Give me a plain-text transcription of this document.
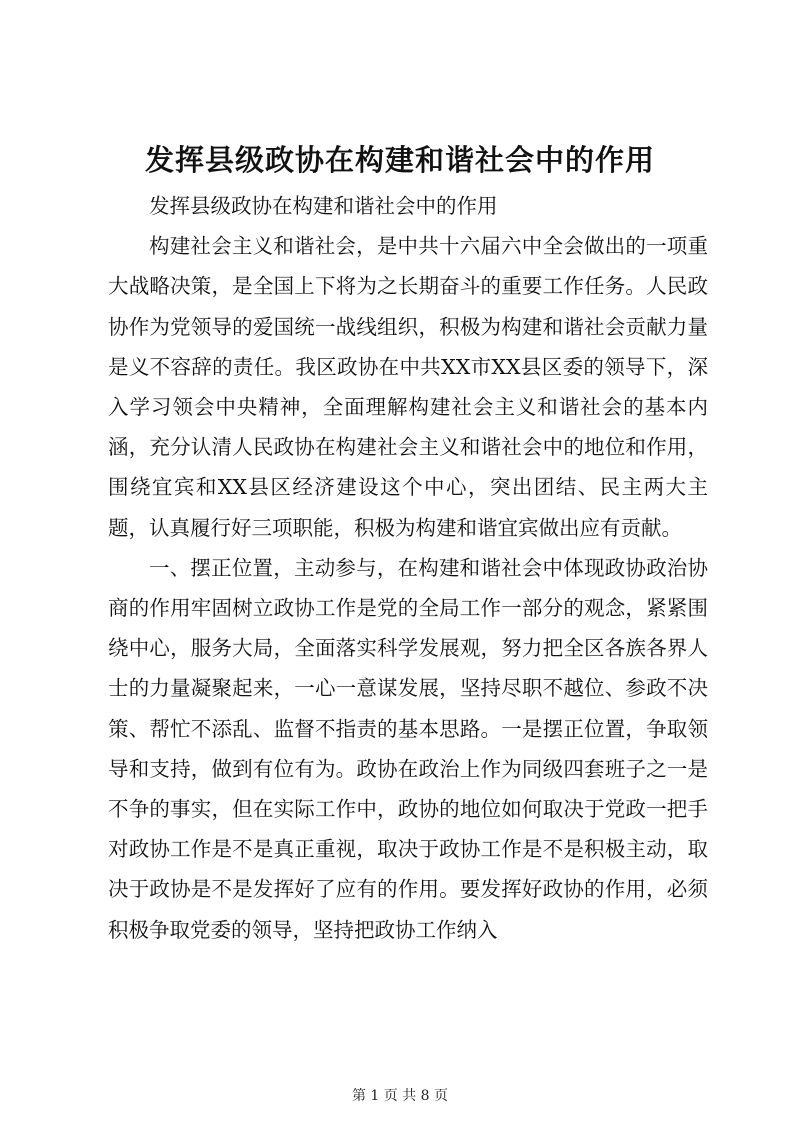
发挥县级政协在构建和谐社会中的作用

发挥县级政协在构建和谐社会中的作用

构建社会主义和谐社会，是中共十六届六中全会做出的一项重大战略决策，是全国上下将为之长期奋斗的重要工作任务。人民政协作为党领导的爱国统一战线组织，积极为构建和谐社会贡献力量是义不容辞的责任。我区政协在中共XX市XX县区委的领导下，深入学习领会中央精神，全面理解构建社会主义和谐社会的基本内涵，充分认清人民政协在构建社会主义和谐社会中的地位和作用，围绕宜宾和XX县区经济建设这个中心，突出团结、民主两大主题，认真履行好三项职能，积极为构建和谐宜宾做出应有贡献。

一、摆正位置，主动参与，在构建和谐社会中体现政协政治协商的作用牢固树立政协工作是党的全局工作一部分的观念，紧紧围绕中心，服务大局，全面落实科学发展观，努力把全区各族各界人士的力量凝聚起来，一心一意谋发展，坚持尽职不越位、参政不决策、帮忙不添乱、监督不指责的基本思路。一是摆正位置，争取领导和支持，做到有位有为。政协在政治上作为同级四套班子之一是不争的事实，但在实际工作中，政协的地位如何取决于党政一把手对政协工作是不是真正重视，取决于政协工作是不是积极主动，取决于政协是不是发挥好了应有的作用。要发挥好政协的作用，必须积极争取党委的领导，坚持把政协工作纳入

第 1 页 共 8 页
